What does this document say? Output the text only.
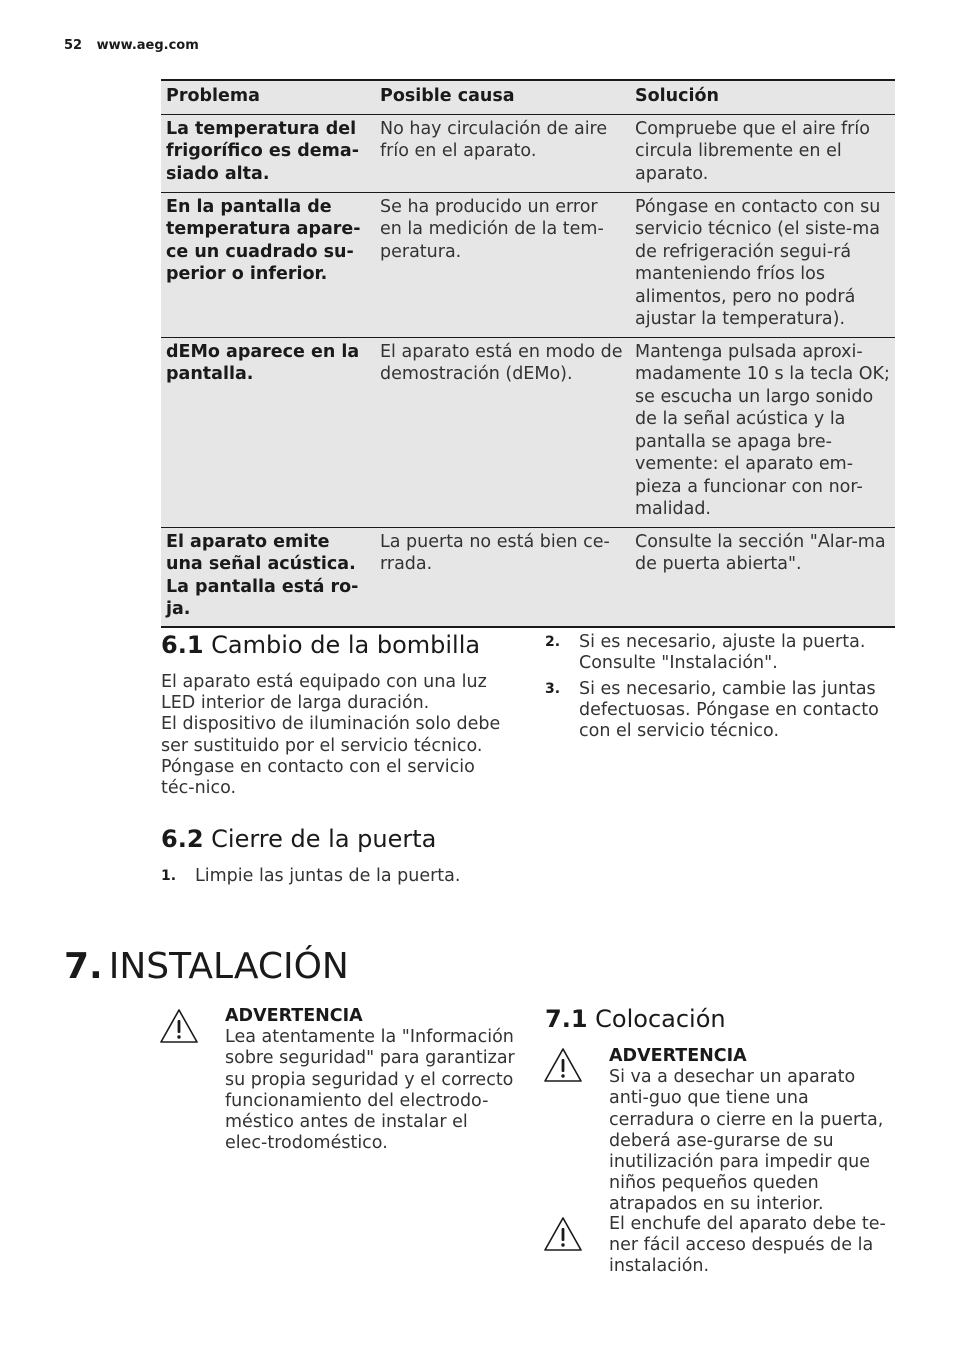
52 www.aeg.com
Problema	Posible causa	Solución
La temperatura del frigorífico es dema-siado alta.	No hay circulación de aire frío en el aparato.	Compruebe que el aire frío circula libremente en el aparato.
En la pantalla de temperatura apare-ce un cuadrado su-perior o inferior.	Se ha producido un error en la medición de la tem-peratura.	Póngase en contacto con su servicio técnico (el siste-ma de refrigeración segui-rá manteniendo fríos los alimentos, pero no podrá ajustar la temperatura).
dEMo aparece en la pantalla.	El aparato está en modo de demostración (dEMo).	Mantenga pulsada aproxi-madamente 10 s la tecla OK; se escucha un largo sonido de la señal acústica y la pantalla se apaga bre-vemente: el aparato em-pieza a funcionar con nor-malidad.
El aparato emite una señal acústica. La pantalla está ro-ja.	La puerta no está bien ce-rrada.	Consulte la sección "Alar-ma de puerta abierta".
6.1 Cambio de la bombilla
El aparato está equipado con una luz LED interior de larga duración.
El dispositivo de iluminación solo debe ser sustituido por el servicio técnico. Póngase en contacto con el servicio téc-nico.
6.2 Cierre de la puerta
1.	Limpie las juntas de la puerta.
2.	Si es necesario, ajuste la puerta. Consulte "Instalación".
3.	Si es necesario, cambie las juntas defectuosas. Póngase en contacto con el servicio técnico.
7. INSTALACIÓN
ADVERTENCIA
Lea atentamente la "Información sobre seguridad" para garantizar su propia seguridad y el correcto funcionamiento del electrodo-méstico antes de instalar el elec-trodoméstico.
7.1 Colocación
ADVERTENCIA
Si va a desechar un aparato anti-guo que tiene una cerradura o cierre en la puerta, deberá ase-gurarse de su inutilización para impedir que niños pequeños queden atrapados en su interior.
El enchufe del aparato debe te-ner fácil acceso después de la instalación.
